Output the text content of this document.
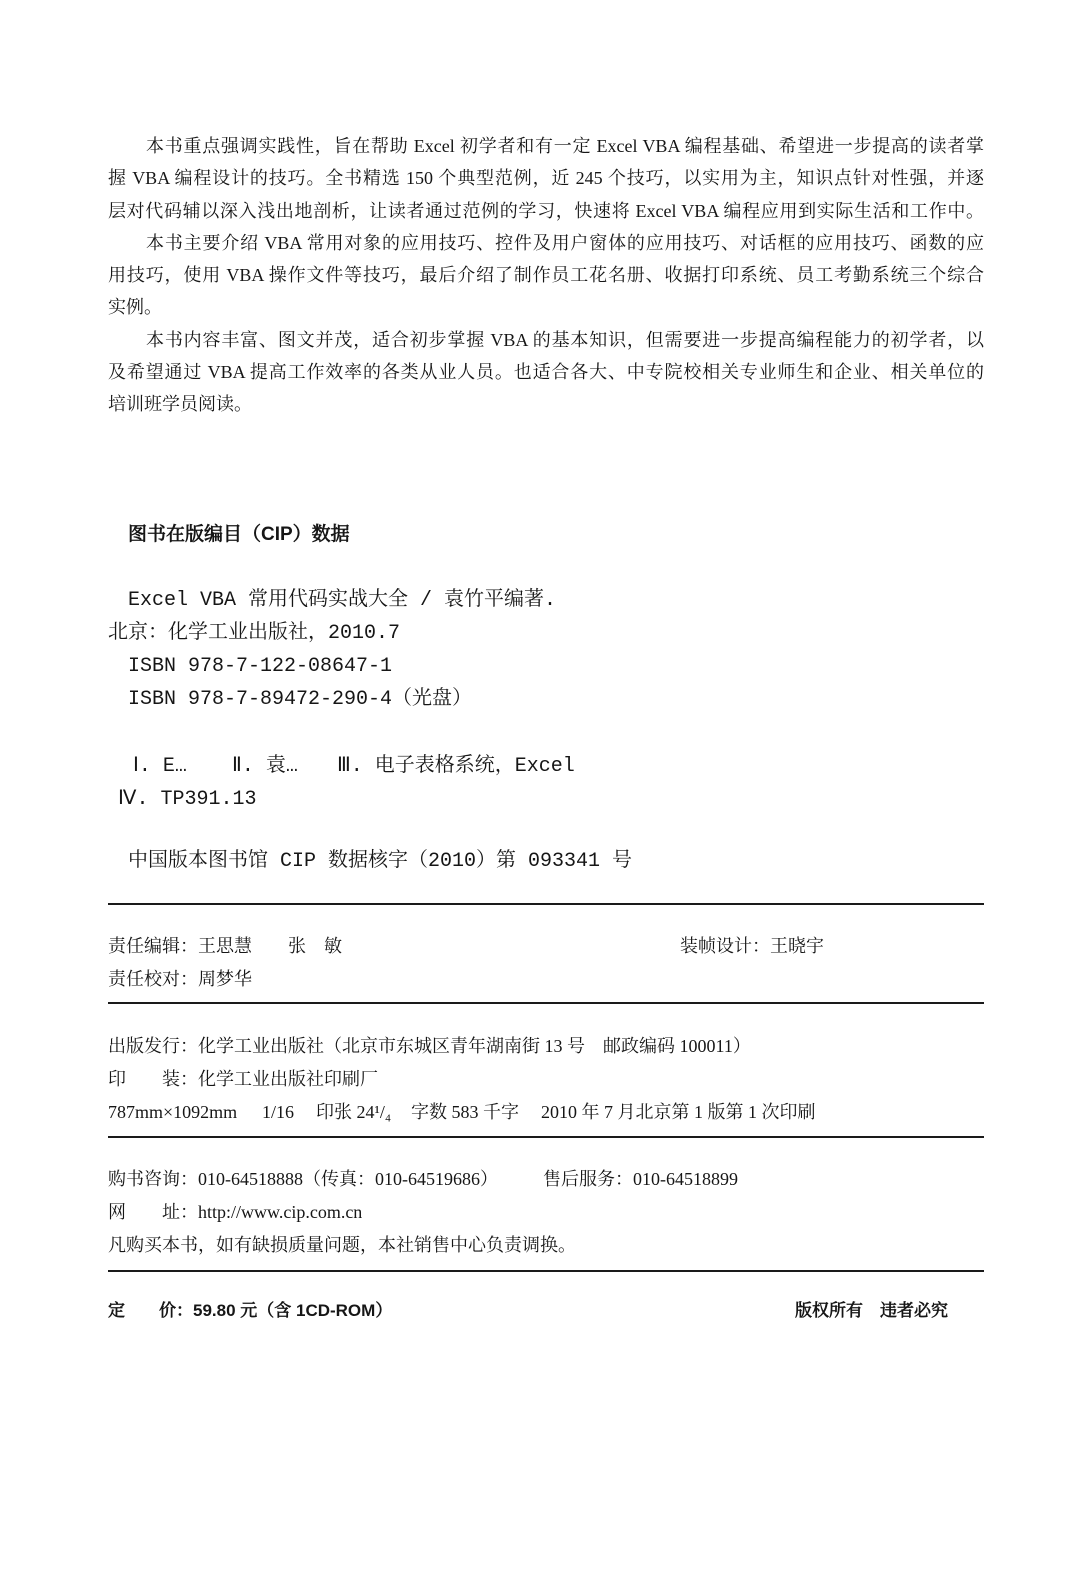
本书重点强调实践性，旨在帮助 Excel 初学者和有一定 Excel VBA 编程基础、希望进一步提高的读者掌
握 VBA 编程设计的技巧。全书精选 150 个典型范例，近 245 个技巧，以实用为主，知识点针对性强，并逐
层对代码辅以深入浅出地剖析，让读者通过范例的学习，快速将 Excel VBA 编程应用到实际生活和工作中。
本书主要介绍 VBA 常用对象的应用技巧、控件及用户窗体的应用技巧、对话框的应用技巧、函数的应
用技巧，使用 VBA 操作文件等技巧，最后介绍了制作员工花名册、收据打印系统、员工考勤系统三个综合
实例。
本书内容丰富、图文并茂，适合初步掌握 VBA 的基本知识，但需要进一步提高编程能力的初学者，以
及希望通过 VBA 提高工作效率的各类从业人员。也适合各大、中专院校相关专业师生和企业、相关单位的
培训班学员阅读。
图书在版编目（CIP）数据
Excel VBA 常用代码实战大全 / 袁竹平编著.
北京：化学工业出版社，2010.7
ISBN 978-7-122-08647-1
ISBN 978-7-89472-290-4（光盘）
Ⅰ. E… Ⅱ. 袁… Ⅲ. 电子表格系统，Excel
Ⅳ. TP391.13
中国版本图书馆 CIP 数据核字（2010）第 093341 号
责任编辑：王思慧　　张　敏	装帧设计：王晓宇
责任校对：周梦华
出版发行：化学工业出版社（北京市东城区青年湖南街 13 号　邮政编码 100011）
印　　装：化学工业出版社印刷厂
787mm×1092mm 1/16 印张 24¹/₄ 字数 583 千字 2010 年 7 月北京第 1 版第 1 次印刷
购书咨询：010-64518888（传真：010-64519686）	售后服务：010-64518899
网　　址：http://www.cip.com.cn
凡购买本书，如有缺损质量问题，本社销售中心负责调换。
定　　价：59.80 元（含 1CD-ROM）	版权所有　违者必究
